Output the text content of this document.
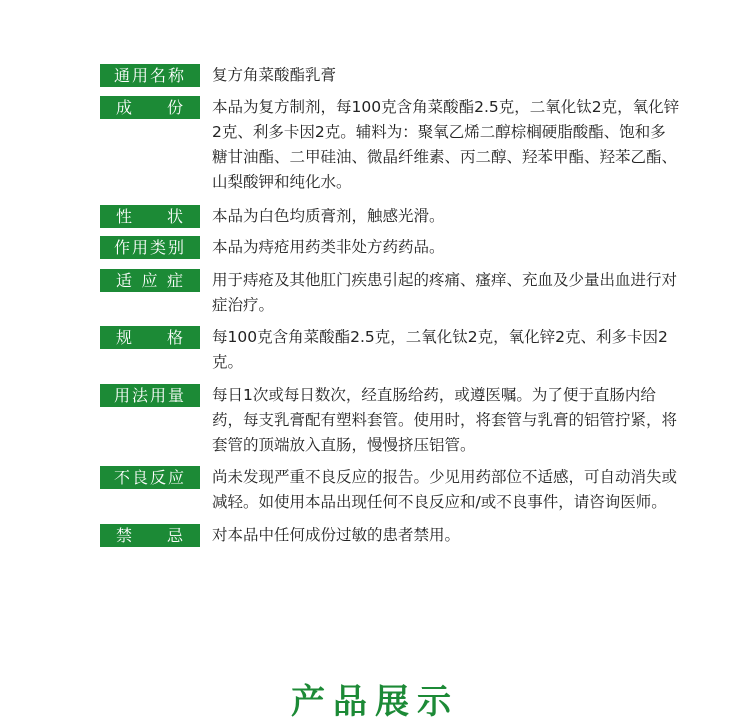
通用名称 复方角菜酸酯乳膏
成 份 本品为复方制剂，每100克含角菜酸酯2.5克，二氧化钛2克，氧化锌2克、利多卡因2克。辅料为：聚氧乙烯二醇棕榈硬脂酸酯、饱和多糖甘油酯、二甲硅油、微晶纤维素、丙二醇、羟苯甲酯、羟苯乙酯、山梨酸钾和纯化水。
性 状 本品为白色均质膏剂，触感光滑。
作用类别 本品为痔疮用药类非处方药药品。
适 应 症 用于痔疮及其他肛门疾患引起的疼痛、瘙痒、充血及少量出血进行对症治疗。
规 格 每100克含角菜酸酯2.5克，二氧化钛2克，氧化锌2克、利多卡因2克。
用法用量 每日1次或每日数次，经直肠给药，或遵医嘱。为了便于直肠内给药，每支乳膏配有塑料套管。使用时，将套管与乳膏的铝管拧紧，将套管的顶端放入直肠，慢慢挤压铝管。
不良反应 尚未发现严重不良反应的报告。少见用药部位不适感，可自动消失或减轻。如使用本品出现任何不良反应和/或不良事件，请咨询医师。
禁 忌 对本品中任何成份过敏的患者禁用。
产品展示
